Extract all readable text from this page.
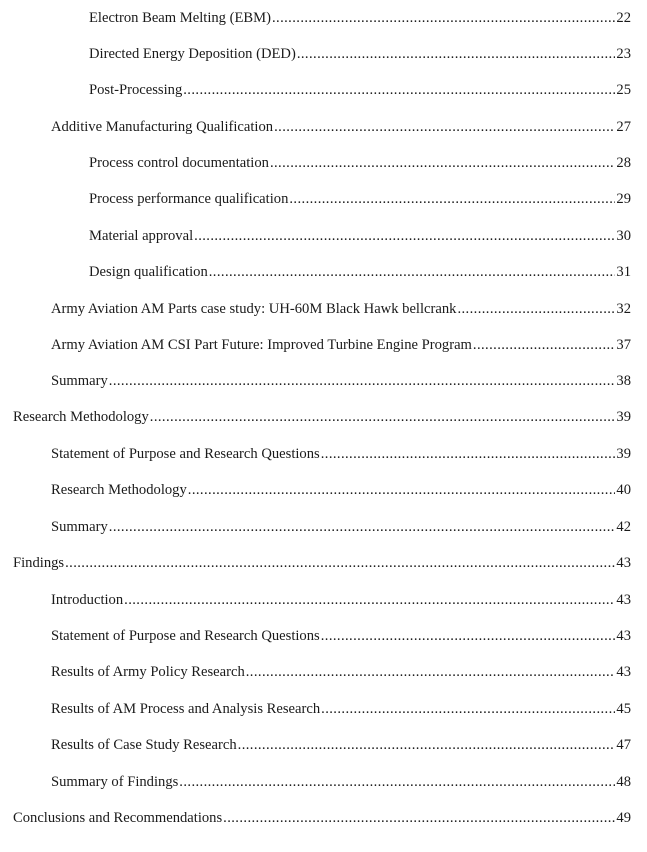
Electron Beam Melting (EBM) .....	22
Directed Energy Deposition (DED) .....	23
Post-Processing .....	25
Additive Manufacturing Qualification .....	27
Process control documentation .....	28
Process performance qualification .....	29
Material approval .....	30
Design qualification .....	31
Army Aviation AM Parts case study: UH-60M Black Hawk bellcrank .....	32
Army Aviation AM CSI Part Future: Improved Turbine Engine Program .....	37
Summary .....	38
Research Methodology .....	39
Statement of Purpose and Research Questions .....	39
Research Methodology .....	40
Summary .....	42
Findings .....	43
Introduction .....	43
Statement of Purpose and Research Questions .....	43
Results of Army Policy Research .....	43
Results of AM Process and Analysis Research .....	45
Results of Case Study Research .....	47
Summary of Findings .....	48
Conclusions and Recommendations .....	49
